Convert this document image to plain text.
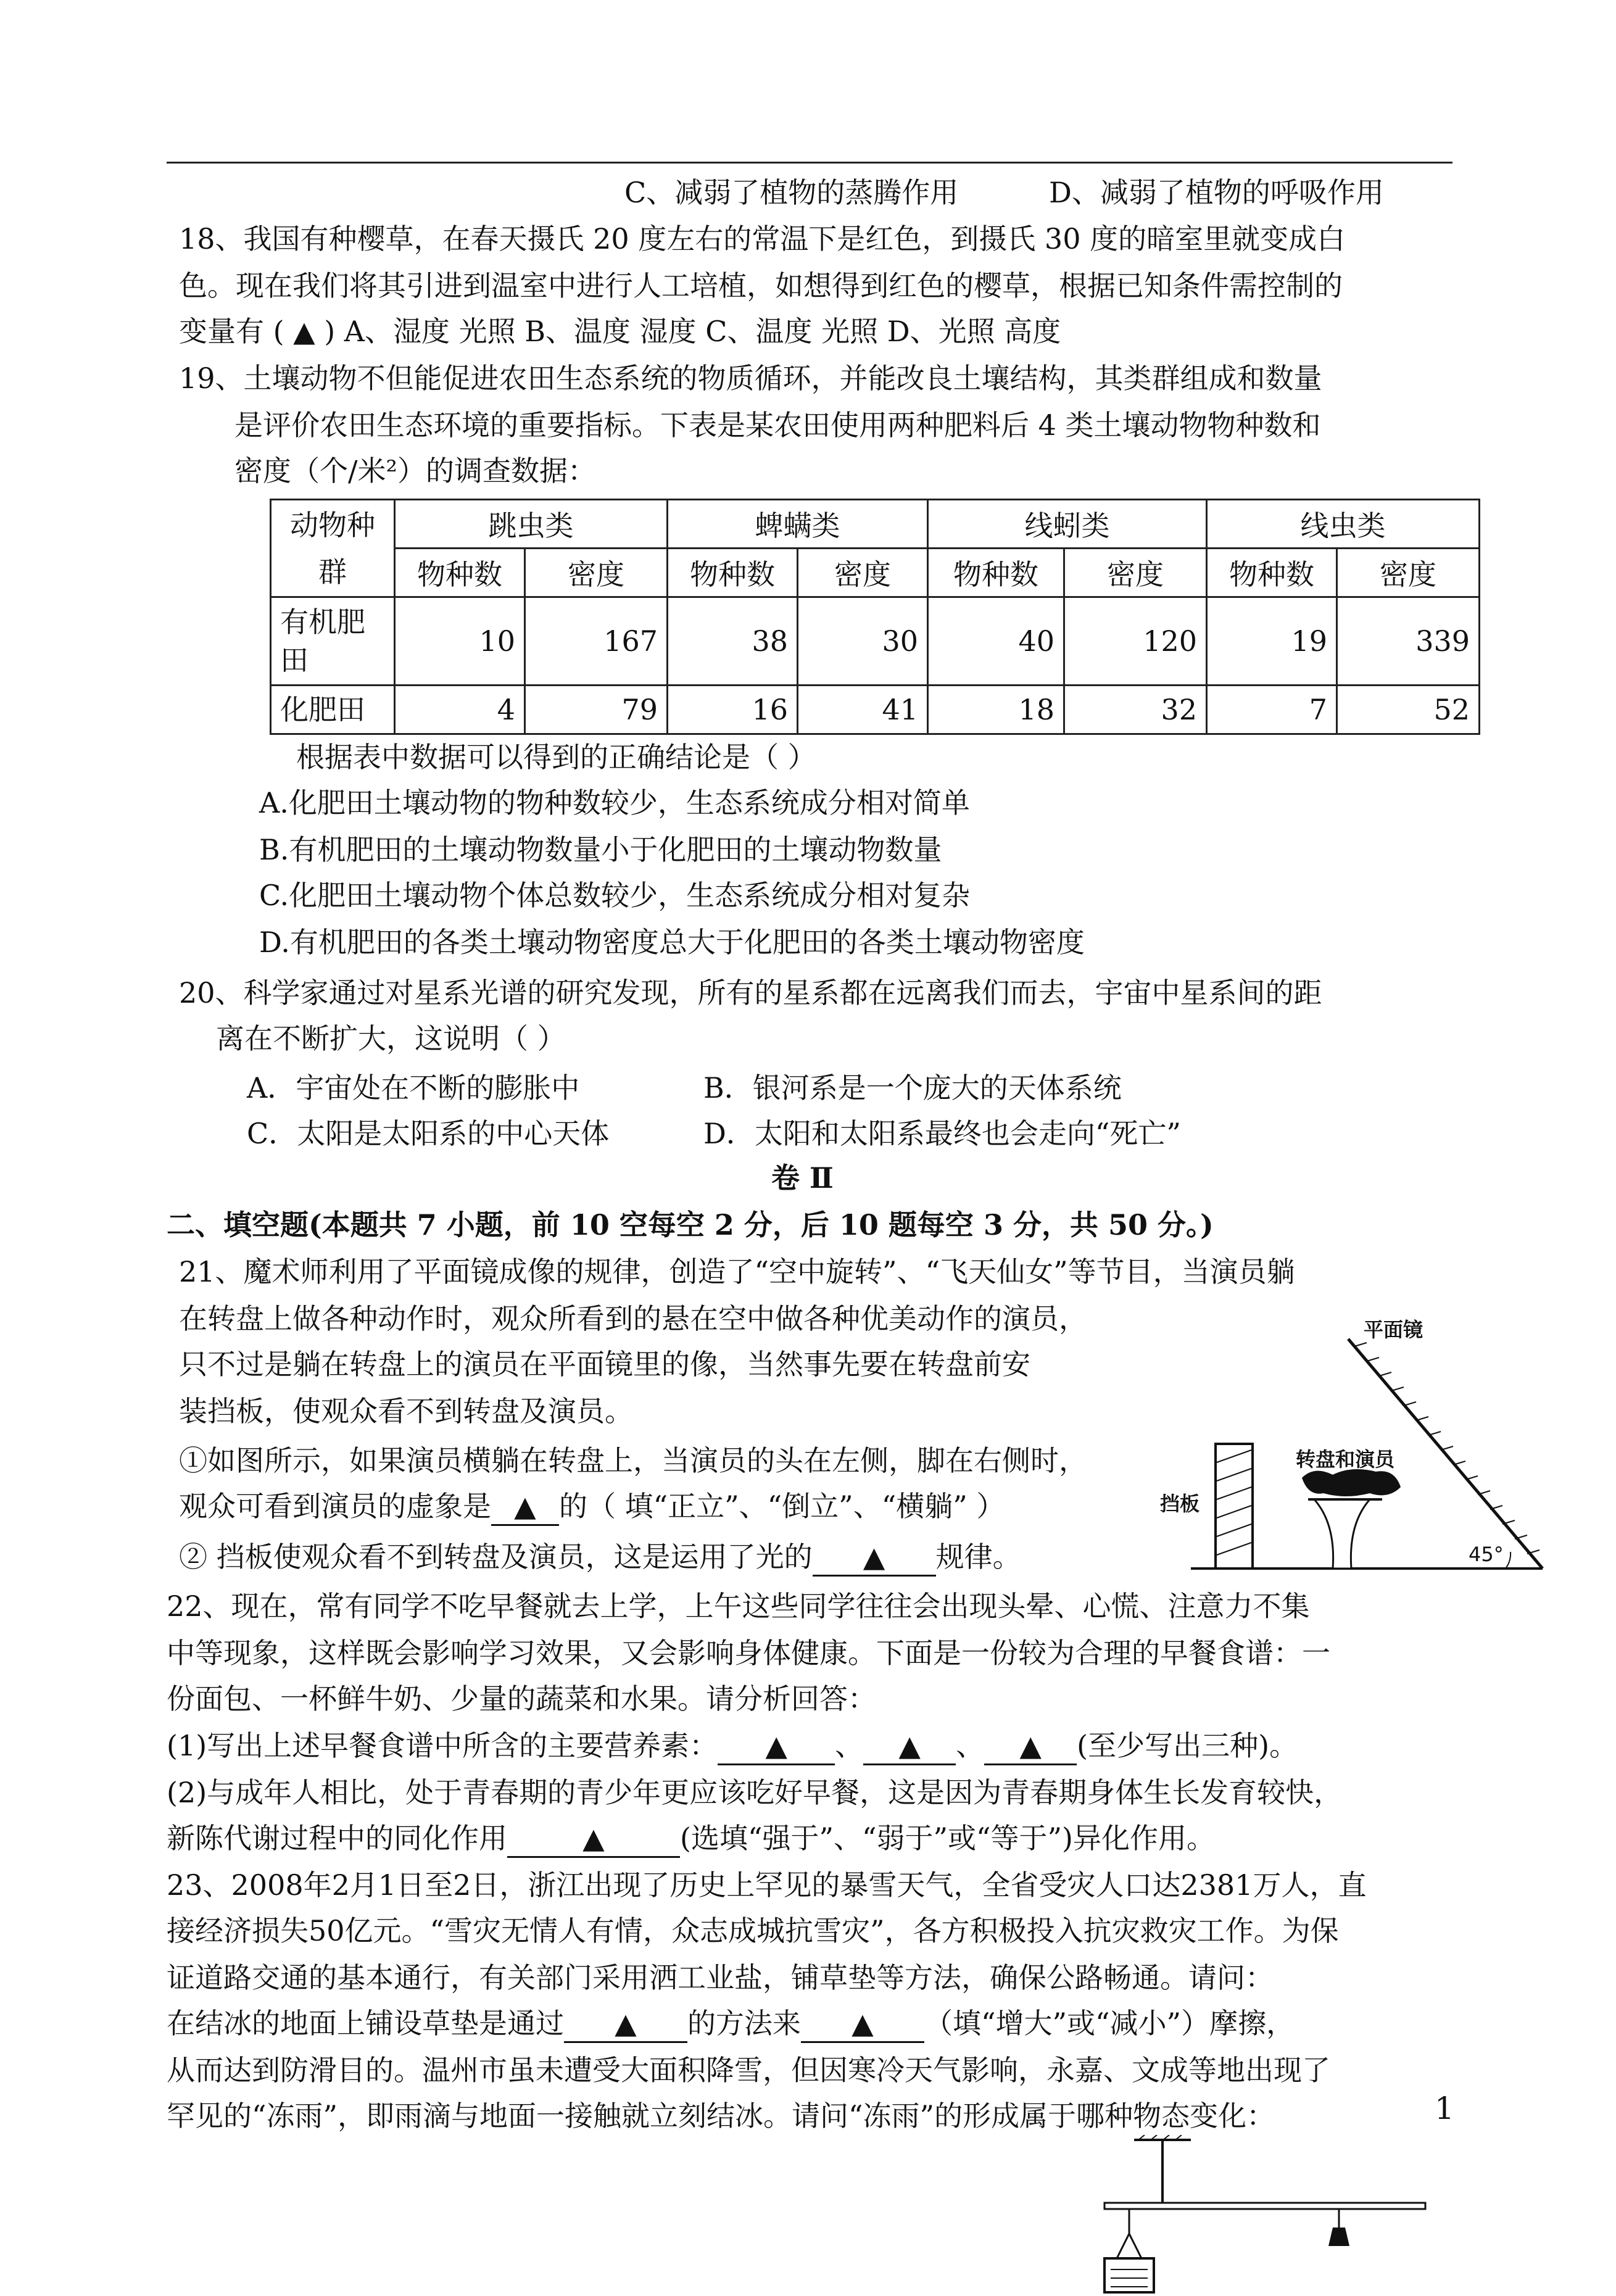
C、减弱了植物的蒸腾作用	D、减弱了植物的呼吸作用
18、我国有种樱草，在春天摄氏 20 度左右的常温下是红色，到摄氏 30 度的暗室里就变成白
色。现在我们将其引进到温室中进行人工培植，如想得到红色的樱草，根据已知条件需控制的
变量有 ( ▲ ) A、湿度 光照 B、温度 湿度 C、温度 光照 D、光照 高度
19、土壤动物不但能促进农田生态系统的物质循环，并能改良土壤结构，其类群组成和数量
是评价农田生态环境的重要指标。下表是某农田使用两种肥料后 4 类土壤动物物种数和
密度（个/米²）的调查数据：
动物种群	跳虫类		蜱螨类		线蚓类		线虫类	
	物种数	密度	物种数	密度	物种数	密度	物种数	密度
有机肥田	10	167	38	30	40	120	19	339
化肥田	4	79	16	41	18	32	7	52
根据表中数据可以得到的正确结论是（ ）
A.化肥田土壤动物的物种数较少，生态系统成分相对简单
B.有机肥田的土壤动物数量小于化肥田的土壤动物数量
C.化肥田土壤动物个体总数较少，生态系统成分相对复杂
D.有机肥田的各类土壤动物密度总大于化肥田的各类土壤动物密度
20、科学家通过对星系光谱的研究发现，所有的星系都在远离我们而去，宇宙中星系间的距
离在不断扩大，这说明（ ）
A．宇宙处在不断的膨胀中	B．银河系是一个庞大的天体系统
C．太阳是太阳系的中心天体	D．太阳和太阳系最终也会走向“死亡”
卷 Ⅱ
二、填空题(本题共 7 小题，前 10 空每空 2 分，后 10 题每空 3 分，共 50 分。)
21、魔术师利用了平面镜成像的规律，创造了“空中旋转”、“飞天仙女”等节目，当演员躺
在转盘上做各种动作时，观众所看到的悬在空中做各种优美动作的演员，
只不过是躺在转盘上的演员在平面镜里的像，当然事先要在转盘前安
装挡板，使观众看不到转盘及演员。
①如图所示，如果演员横躺在转盘上，当演员的头在左侧，脚在右侧时，
观众可看到演员的虚象是 ▲ 的（ 填“正立”、“倒立”、“横躺” ）
② 挡板使观众看不到转盘及演员，这是运用了光的 ▲ 规律。
平面镜
转盘和演员
挡板
45°
22、现在，常有同学不吃早餐就去上学，上午这些同学往往会出现头晕、心慌、注意力不集
中等现象，这样既会影响学习效果，又会影响身体健康。下面是一份较为合理的早餐食谱：一
份面包、一杯鲜牛奶、少量的蔬菜和水果。请分析回答：
(1)写出上述早餐食谱中所含的主要营养素： ▲ 、 ▲ 、 ▲ (至少写出三种)。
(2)与成年人相比，处于青春期的青少年更应该吃好早餐，这是因为青春期身体生长发育较快，
新陈代谢过程中的同化作用	▲	(选填“强于”、“弱于”或“等于”)异化作用。
23、2008年2月1日至2日，浙江出现了历史上罕见的暴雪天气，全省受灾人口达2381万人，直
接经济损失50亿元。“雪灾无情人有情，众志成城抗雪灾”，各方积极投入抗灾救灾工作。为保
证道路交通的基本通行，有关部门采用洒工业盐，铺草垫等方法，确保公路畅通。请问：
在结冰的地面上铺设草垫是通过 ▲ 的方法来 ▲ （填“增大”或“减小”）摩擦，
从而达到防滑目的。温州市虽未遭受大面积降雪，但因寒冷天气影响，永嘉、文成等地出现了
罕见的“冻雨”，即雨滴与地面一接触就立刻结冰。请问“冻雨”的形成属于哪种物态变化：	1
